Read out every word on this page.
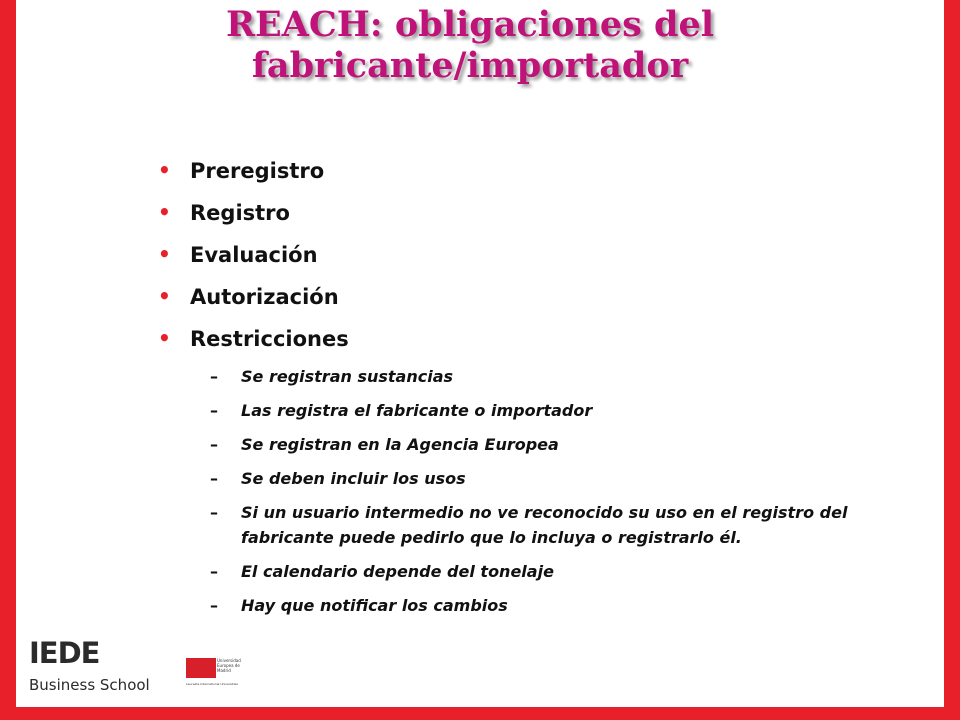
REACH: obligaciones del
fabricante/importador
• Preregistro
• Registro
• Evaluación
• Autorización
• Restricciones
– Se registran sustancias
– Las registra el fabricante o importador
– Se registran en la Agencia Europea
– Se deben incluir los usos
– Si un usuario intermedio no ve reconocido su uso en el registro del fabricante puede pedirlo que lo incluya o registrarlo él.
– El calendario depende del tonelaje
– Hay que notificar los cambios
IEDE
Business School
Universidad Europea de Madrid
Laureate International Universities
